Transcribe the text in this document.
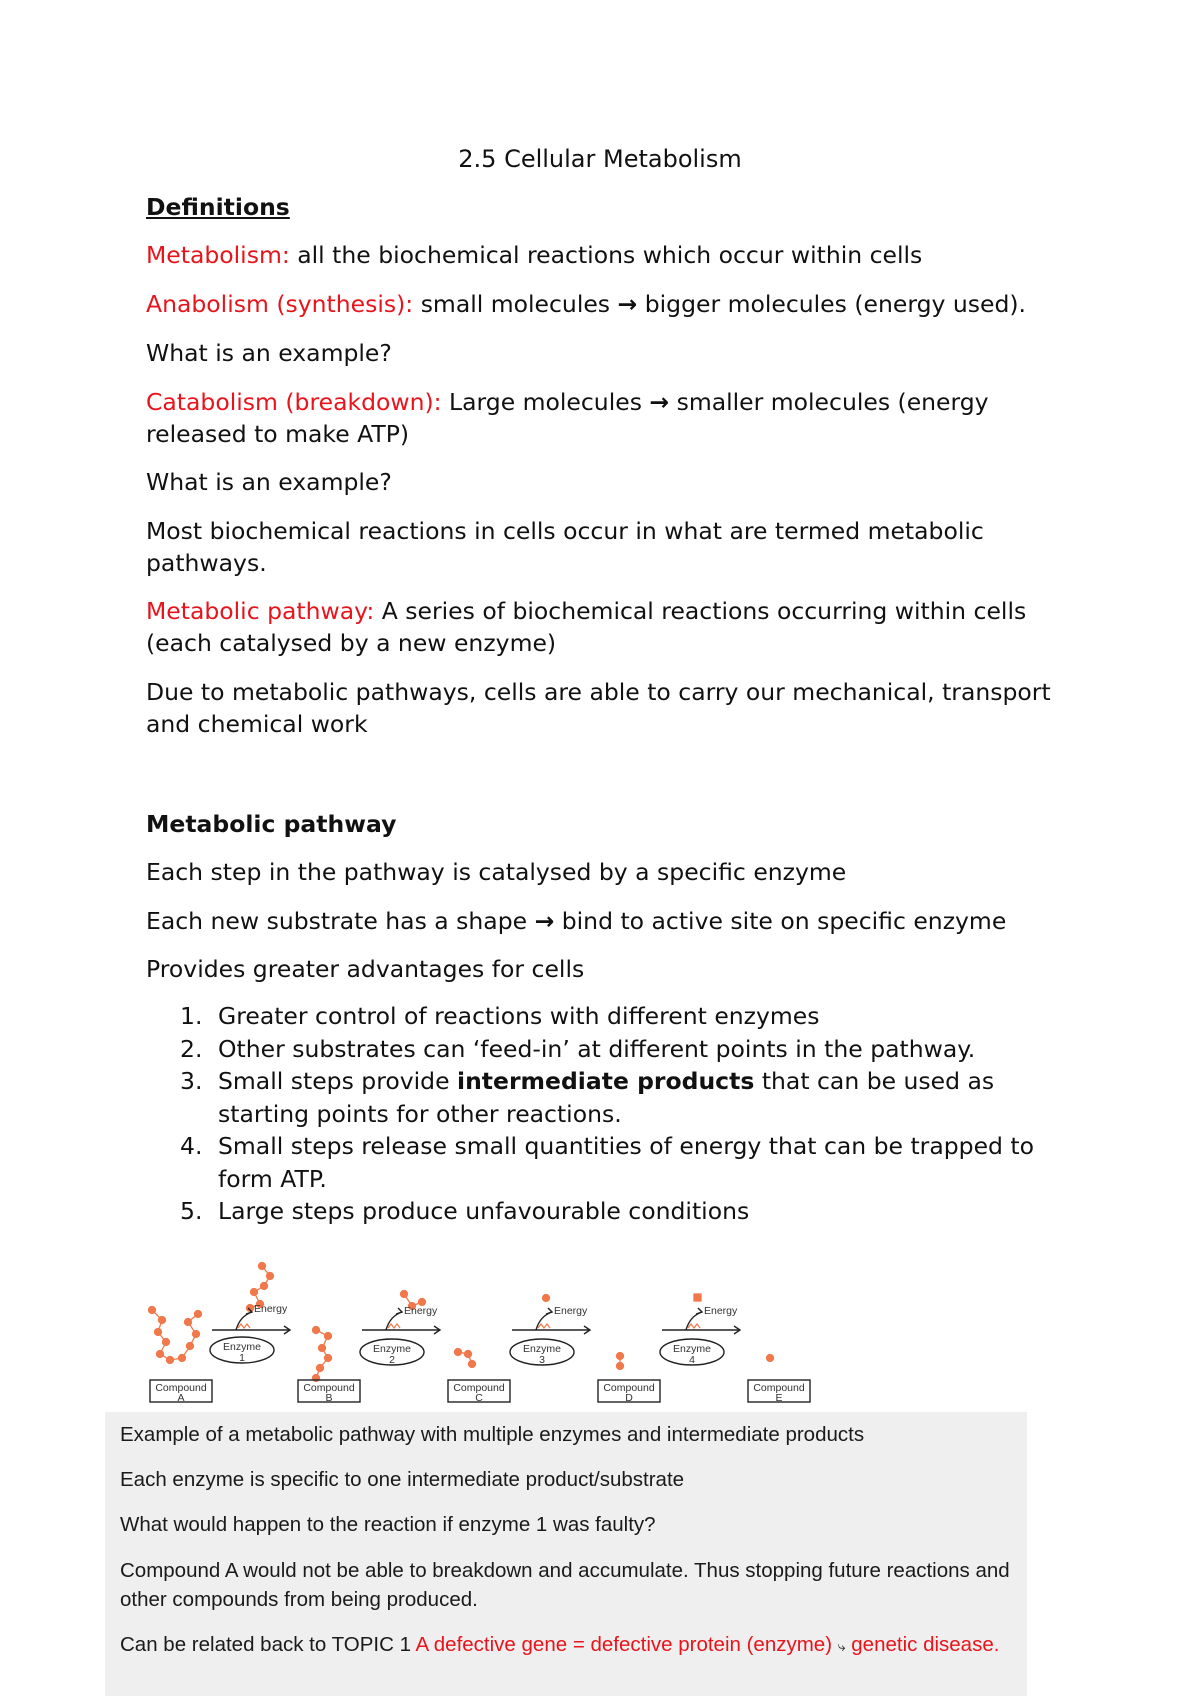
2.5 Cellular Metabolism
Definitions
Metabolism: all the biochemical reactions which occur within cells
Anabolism (synthesis): small molecules → bigger molecules (energy used).
What is an example?
Catabolism (breakdown): Large molecules → smaller molecules (energy released to make ATP)
What is an example?
Most biochemical reactions in cells occur in what are termed metabolic pathways.
Metabolic pathway: A series of biochemical reactions occurring within cells (each catalysed by a new enzyme)
Due to metabolic pathways, cells are able to carry our mechanical, transport and chemical work
Metabolic pathway
Each step in the pathway is catalysed by a specific enzyme
Each new substrate has a shape → bind to active site on specific enzyme
Provides greater advantages for cells
1. Greater control of reactions with different enzymes
2. Other substrates can ‘feed-in’ at different points in the pathway.
3. Small steps provide intermediate products that can be used as starting points for other reactions.
4. Small steps release small quantities of energy that can be trapped to form ATP.
5. Large steps produce unfavourable conditions
Energy	Energy	Energy	Energy
Enzyme
1
Enzyme
2
Enzyme
3
Enzyme
4
Compound
A
Compound
B
Compound
C
Compound
D
Compound
E
Example of a metabolic pathway with multiple enzymes and intermediate products
Each enzyme is specific to one intermediate product/substrate
What would happen to the reaction if enzyme 1 was faulty?
Compound A would not be able to breakdown and accumulate. Thus stopping future reactions and other compounds from being produced.
Can be related back to TOPIC 1 A defective gene = defective protein (enzyme) ⤷ genetic disease.
